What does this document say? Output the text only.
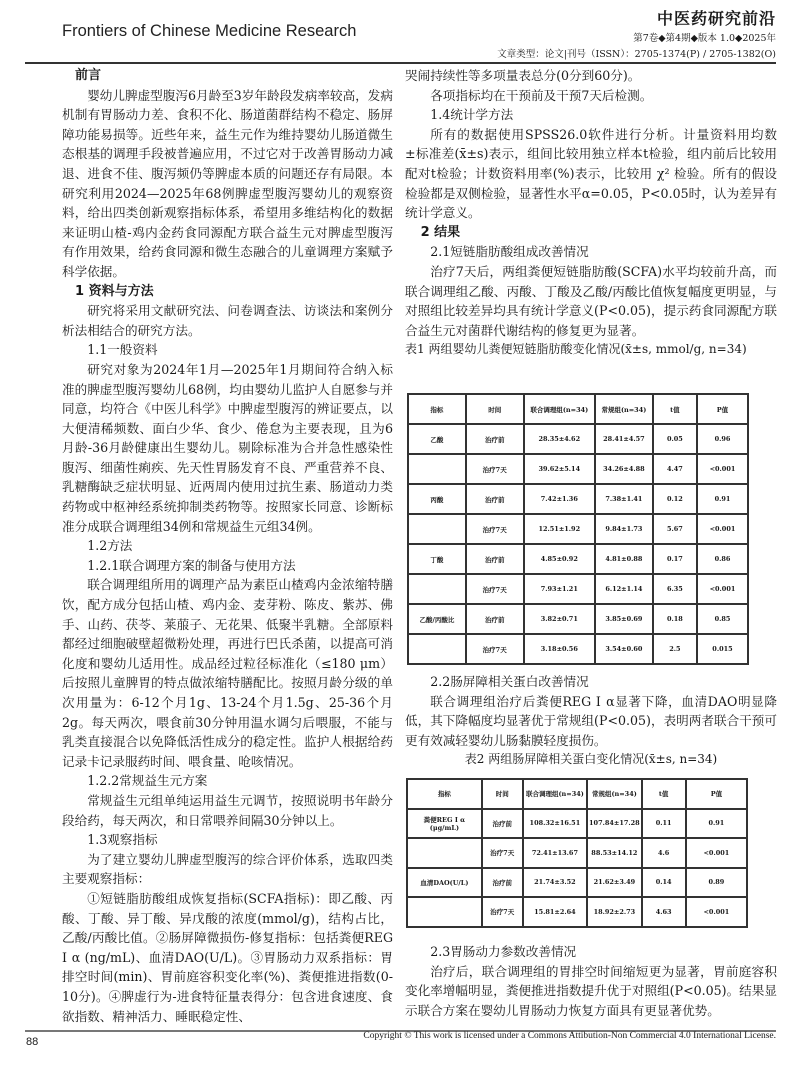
Frontiers of Chinese Medicine Research
中医药研究前沿
第7卷◆第4期◆版本 1.0◆2025年
文章类型：论文|刊号（ISSN）：2705-1374(P) / 2705-1382(O)

前言

婴幼儿脾虚型腹泻6月龄至3岁年龄段发病率较高，发病机制有胃肠动力差、食积不化、肠道菌群结构不稳定、肠屏障功能易损等。近些年来，益生元作为维持婴幼儿肠道微生态根基的调理手段被普遍应用，不过它对于改善胃肠动力减退、进食不佳、腹泻频仍等脾虚本质的问题还存有局限。本研究利用2024—2025年68例脾虚型腹泻婴幼儿的观察资料，给出四类创新观察指标体系，希望用多维结构化的数据来证明山楂-鸡内金药食同源配方联合益生元对脾虚型腹泻有作用效果，给药食同源和微生态融合的儿童调理方案赋予科学依据。

1 资料与方法

研究将采用文献研究法、问卷调查法、访谈法和案例分析法相结合的研究方法。

1.1一般资料

研究对象为2024年1月—2025年1月期间符合纳入标准的脾虚型腹泻婴幼儿68例，均由婴幼儿监护人自愿参与并同意，均符合《中医儿科学》中脾虚型腹泻的辨证要点，以大便清稀频数、面白少华、食少、倦怠为主要表现，且为6月龄-36月龄健康出生婴幼儿。剔除标准为合并急性感染性腹泻、细菌性痢疾、先天性胃肠发育不良、严重营养不良、乳糖酶缺乏症状明显、近两周内使用过抗生素、肠道动力类药物或中枢神经系统抑制类药物等。按照家长同意、诊断标准分成联合调理组34例和常规益生元组34例。

1.2方法

1.2.1联合调理方案的制备与使用方法

联合调理组所用的调理产品为素臣山楂鸡内金浓缩特膳饮，配方成分包括山楂、鸡内金、麦芽粉、陈皮、紫苏、佛手、山药、茯苓、莱菔子、无花果、低聚半乳糖。全部原料都经过细胞破壁超微粉处理，再进行巴氏杀菌，以提高可消化度和婴幼儿适用性。成品经过粒径标准化（≤180 μm）后按照儿童脾胃的特点做浓缩特膳配比。按照月龄分级的单次用量为：6-12个月1g、13-24个月1.5g、25-36个月2g。每天两次，喂食前30分钟用温水调匀后喂服，不能与乳类直接混合以免降低活性成分的稳定性。监护人根据给药记录卡记录服药时间、喂食量、呛咳情况。

1.2.2常规益生元方案

常规益生元组单纯运用益生元调节，按照说明书年龄分段给药，每天两次，和日常喂养间隔30分钟以上。

1.3观察指标

为了建立婴幼儿脾虚型腹泻的综合评价体系，选取四类主要观察指标：

①短链脂肪酸组成恢复指标(SCFA指标)：即乙酸、丙酸、丁酸、异丁酸、异戊酸的浓度(mmol/g)，结构占比，乙酸/丙酸比值。②肠屏障微损伤-修复指标：包括粪便REG Ⅰ α (ng/mL)、血清DAO(U/L)。③胃肠动力双系指标：胃排空时间(min)、胃前庭容积变化率(%)、粪便推进指数(0-10分)。④脾虚行为-进食特征量表得分：包含进食速度、食欲指数、精神活力、睡眠稳定性、

哭闹持续性等多项量表总分(0分到60分)。

各项指标均在干预前及干预7天后检测。

1.4统计学方法

所有的数据使用SPSS26.0软件进行分析。计量资料用均数±标准差(x̄±s)表示，组间比较用独立样本t检验，组内前后比较用配对t检验；计数资料用率(%)表示，比较用 χ² 检验。所有的假设检验都是双侧检验，显著性水平α=0.05，P<0.05时，认为差异有统计学意义。

2 结果

2.1短链脂肪酸组成改善情况

治疗7天后，两组粪便短链脂肪酸(SCFA)水平均较前升高，而联合调理组乙酸、丙酸、丁酸及乙酸/丙酸比值恢复幅度更明显，与对照组比较差异均具有统计学意义(P<0.05)，提示药食同源配方联合益生元对菌群代谢结构的修复更为显著。

表1 两组婴幼儿粪便短链脂肪酸变化情况(x̄±s, mmol/g, n=34)

指标	时间	联合调理组(n=34)	常规组(n=34)	t值	P值
乙酸	治疗前	28.35±4.62	28.41±4.57	0.05	0.96
	治疗7天	39.62±5.14	34.26±4.88	4.47	<0.001
丙酸	治疗前	7.42±1.36	7.38±1.41	0.12	0.91
	治疗7天	12.51±1.92	9.84±1.73	5.67	<0.001
丁酸	治疗前	4.85±0.92	4.81±0.88	0.17	0.86
	治疗7天	7.93±1.21	6.12±1.14	6.35	<0.001
乙酸/丙酸比	治疗前	3.82±0.71	3.85±0.69	0.18	0.85
	治疗7天	3.18±0.56	3.54±0.60	2.5	0.015

2.2肠屏障相关蛋白改善情况

联合调理组治疗后粪便REG Ⅰ α显著下降，血清DAO明显降低，其下降幅度均显著优于常规组(P<0.05)，表明两者联合干预可更有效减轻婴幼儿肠黏膜轻度损伤。

表2 两组肠屏障相关蛋白变化情况(x̄±s, n=34)

指标	时间	联合调理组(n=34)	常规组(n=34)	t值	P值
粪便REG Ⅰ α (μg/mL)	治疗前	108.32±16.51	107.84±17.28	0.11	0.91
	治疗7天	72.41±13.67	88.53±14.12	4.6	<0.001
血清DAO(U/L)	治疗前	21.74±3.52	21.62±3.49	0.14	0.89
	治疗7天	15.81±2.64	18.92±2.73	4.63	<0.001

2.3胃肠动力参数改善情况

治疗后，联合调理组的胃排空时间缩短更为显著，胃前庭容积变化率增幅明显，粪便推进指数提升优于对照组(P<0.05)。结果显示联合方案在婴幼儿胃肠动力恢复方面具有更显著优势。

88	Copyright © This work is licensed under a Commons Attibution-Non Commercial 4.0 International License.
